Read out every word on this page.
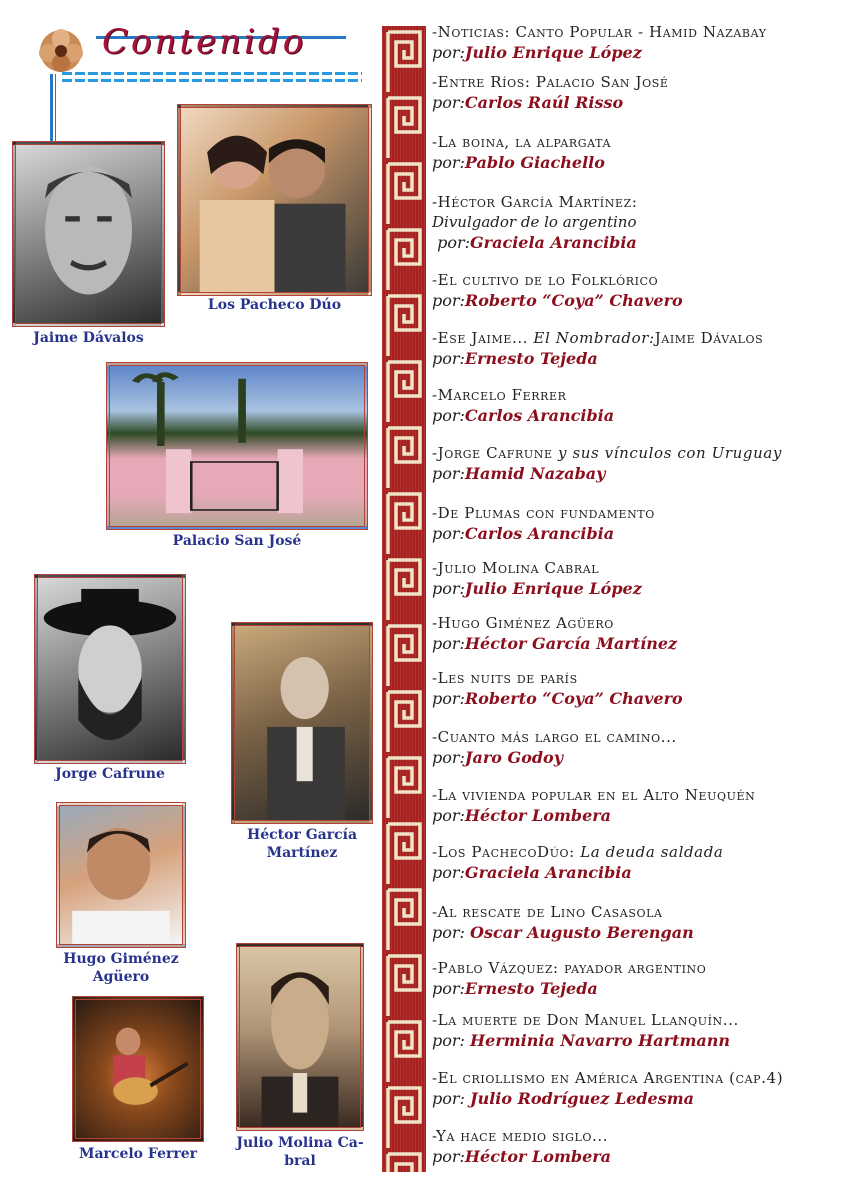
Contenido
Jaime Dávalos
Los Pacheco Dúo
Palacio San José
Jorge Cafrune
Héctor García
Martínez
Hugo Giménez
Agüero
Marcelo Ferrer
Julio Molina Ca-
bral
-Noticias: Canto Popular - Hamid Nazabay
por:Julio Enrique López
-Entre Ríos: Palacio San José
por:Carlos Raúl Risso
-La boina, la alpargata
por:Pablo Giachello
-Héctor García Martínez:
Divulgador de lo argentino
por:Graciela Arancibia
-El cultivo de lo Folklórico
por:Roberto “Coya” Chavero
-Ese Jaime... El Nombrador:Jaime Dávalos
por:Ernesto Tejeda
-Marcelo Ferrer
por:Carlos Arancibia
-Jorge Cafrune y sus vínculos con Uruguay
por:Hamid Nazabay
-De Plumas con fundamento
por:Carlos Arancibia
-Julio Molina Cabral
por:Julio Enrique López
-Hugo Giménez Agüero
por:Héctor García Martínez
-Les nuits de parís
por:Roberto “Coya” Chavero
-Cuanto más largo el camino...
por:Jaro Godoy
-La vivienda popular en el Alto Neuquén
por:Héctor Lombera
-Los PachecoDúo: La deuda saldada
por:Graciela Arancibia
-Al rescate de Lino Casasola
por: Oscar Augusto Berengan
-Pablo Vázquez: payador argentino
por:Ernesto Tejeda
-La muerte de Don Manuel Llanquín...
por: Herminia Navarro Hartmann
-El criollismo en América Argentina (cap.4)
por: Julio Rodríguez Ledesma
-Ya hace medio siglo...
por:Héctor Lombera
